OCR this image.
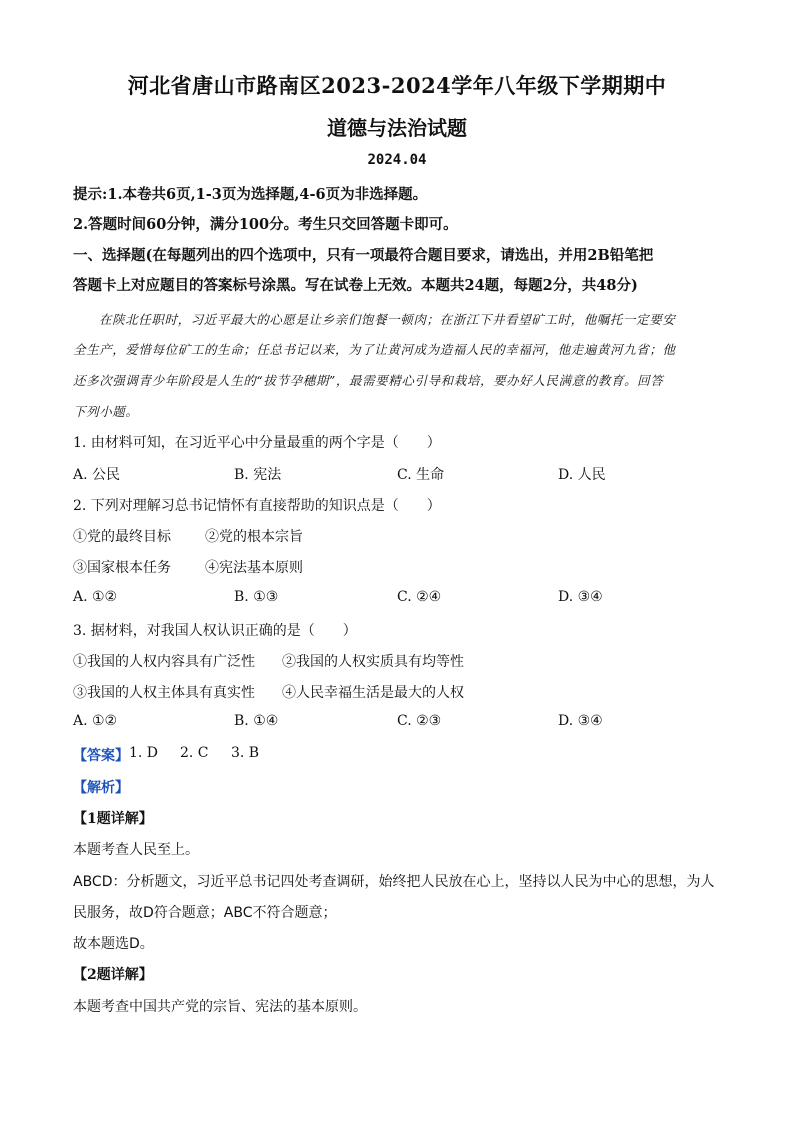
河北省唐山市路南区2023-2024学年八年级下学期期中
道德与法治试题
2024.04
提示:1.本卷共6页,1-3页为选择题,4-6页为非选择题。
2.答题时间60分钟，满分100分。考生只交回答题卡即可。
一、选择题(在每题列出的四个选项中，只有一项最符合题目要求，请选出，并用2B铅笔把
答题卡上对应题目的答案标号涂黑。写在试卷上无效。本题共24题，每题2分，共48分)
在陕北任职时，习近平最大的心愿是让乡亲们饱餐一顿肉；在浙江下井看望矿工时，他嘱托一定要安
全生产，爱惜每位矿工的生命；任总书记以来，为了让黄河成为造福人民的幸福河，他走遍黄河九省；他
还多次强调青少年阶段是人生的“拔节孕穗期”，最需要精心引导和栽培，要办好人民满意的教育。回答
下列小题。
1. 由材料可知，在习近平心中分量最重的两个字是（　　）
A. 公民	B. 宪法	C. 生命	D. 人民
2. 下列对理解习总书记情怀有直接帮助的知识点是（　　）
①党的最终目标 ②党的根本宗旨
③国家根本任务 ④宪法基本原则
A. ①②	B. ①③	C. ②④	D. ③④
3. 据材料，对我国人权认识正确的是（　　）
①我国的人权内容具有广泛性 ②我国的人权实质具有均等性
③我国的人权主体具有真实性 ④人民幸福生活是最大的人权
A. ①②	B. ①④	C. ②③	D. ③④
【答案】 1. D 2. C 3. B
【解析】
【1题详解】
本题考查人民至上。
ABCD：分析题文，习近平总书记四处考查调研，始终把人民放在心上，坚持以人民为中心的思想，为人
民服务，故D符合题意；ABC不符合题意；
故本题选D。
【2题详解】
本题考查中国共产党的宗旨、宪法的基本原则。
